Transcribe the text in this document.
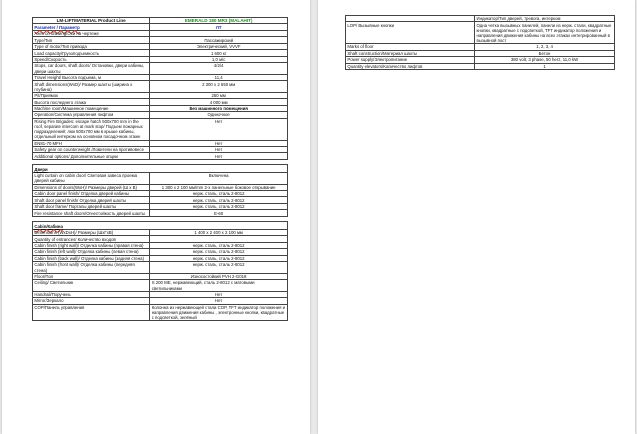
LM-LIFTMATERIAL Product Line	EMERALD 180 MR3 (MALAHIT)
Parameter / Параметр	ЛТ
Axes on drawing/Оси на чертеже	
Type/Тип	Пассажирский
Type of motor/Тип привода	Электрический, VVVF
Load capacity/Грузоподъемность	1 600 кг
Speed/Скорость	1,0 м/с
Stops, car doors, shaft doors/ Остановки, двери кабины, двери шахты	4/2/4
Travel Height/ Высота подъема, м	11,4
Shaft dimensions(WxD)/ Размер шахты (ширина x глубина)	2 300 x 2 650 мм
Pit/Приямок	250 мм
Высота последнего этажа	4 000 мм
Machine room/Машинное помещение	Без машинного помещения
Operation/Система управления лифтом	Одиночное
Rising Fire Brigades: escape hatch 500x700 mm in the roof, separate intercom at mark stop/ Подъем пожарных подразделений: люк 500x700 мм в крыше кабины, отдельный интерком на основном посадочном этаже	Нет
EN81-70 MFH	Нет
Safety gear on counterweight /Ловители на противовесе	Нет
Additional options/ Дополнительные опции	Нет

Двери	
Light curtain on cabin door/ Световая завеса проема дверей кабины	Включена
Dimensions of doors(WxH)/ Размеры дверей (Ш x В)	1 300 x 2 100 мм/mm 2-х панельные боковое открывание
Cabin door panel finish/ Отделка дверей кабины	нерж. сталь, сталь 2-8012
Shaft door panel finish/ Отделка дверей шахты	нерж. сталь, сталь 2-8012
Shaft door frame/ Порталы дверей шахты	нерж. сталь, сталь 2-8012
Fire resistance shaft doors/Огнестойкость дверей шахты	E-60

Cabin/Кабина	
Dimensions (WxDxH)/ Размеры (ШxГxВ)	1 400 x 2 400 x 2 100 мм
Quantity of entrances/ Количество входов	
Cabin finish (right wall)/ Отделка кабины (правая стена)	нерж. сталь, сталь 2-8012
Cabin finish (left wall)/ Отделка кабины (левая стена)	нерж. сталь, сталь 2-8012
Cabin finish (back wall)/ Отделка кабины (задняя стена)	нерж. сталь, сталь 2-8012
Cabin finish (front wall)/ Отделка кабины (передняя стена)	нерж. сталь, сталь 2-8012
Floor/Пол	Износостойкий PVH 2-G018
Ceiling/ Светильник	S 200 ME, нержавеющий, сталь 2-8012 с матовыми светильниками
Handrail/Поручень	Нет
Mirror/Зеркало	Нет
COP/Панель управления	Колонна из нержавеющей стали COP, TFT индикатор положения и направления движения кабины , электронные кнопки, квадратные с подсветкой, зелёный
	Индикатор/Тип дверей, тревога, интерком
LOP/ Вызывные кнопки	Одна четка вызывных панелей, панели из нерж. стали, квадратные кнопки, квадратные с подсветкой, TFT индикатор положения и направления движения кабины на всех этажах интегрированный в вызывной пост
Marks of floor	1, 2, 3, 4
Shaft construction/Материал шахты	Бетон
Power supply/Электропитание	380 volt, 3 phase, 50 herz, 11,0 kW
Quantity elevators/Количество лифтов	1
